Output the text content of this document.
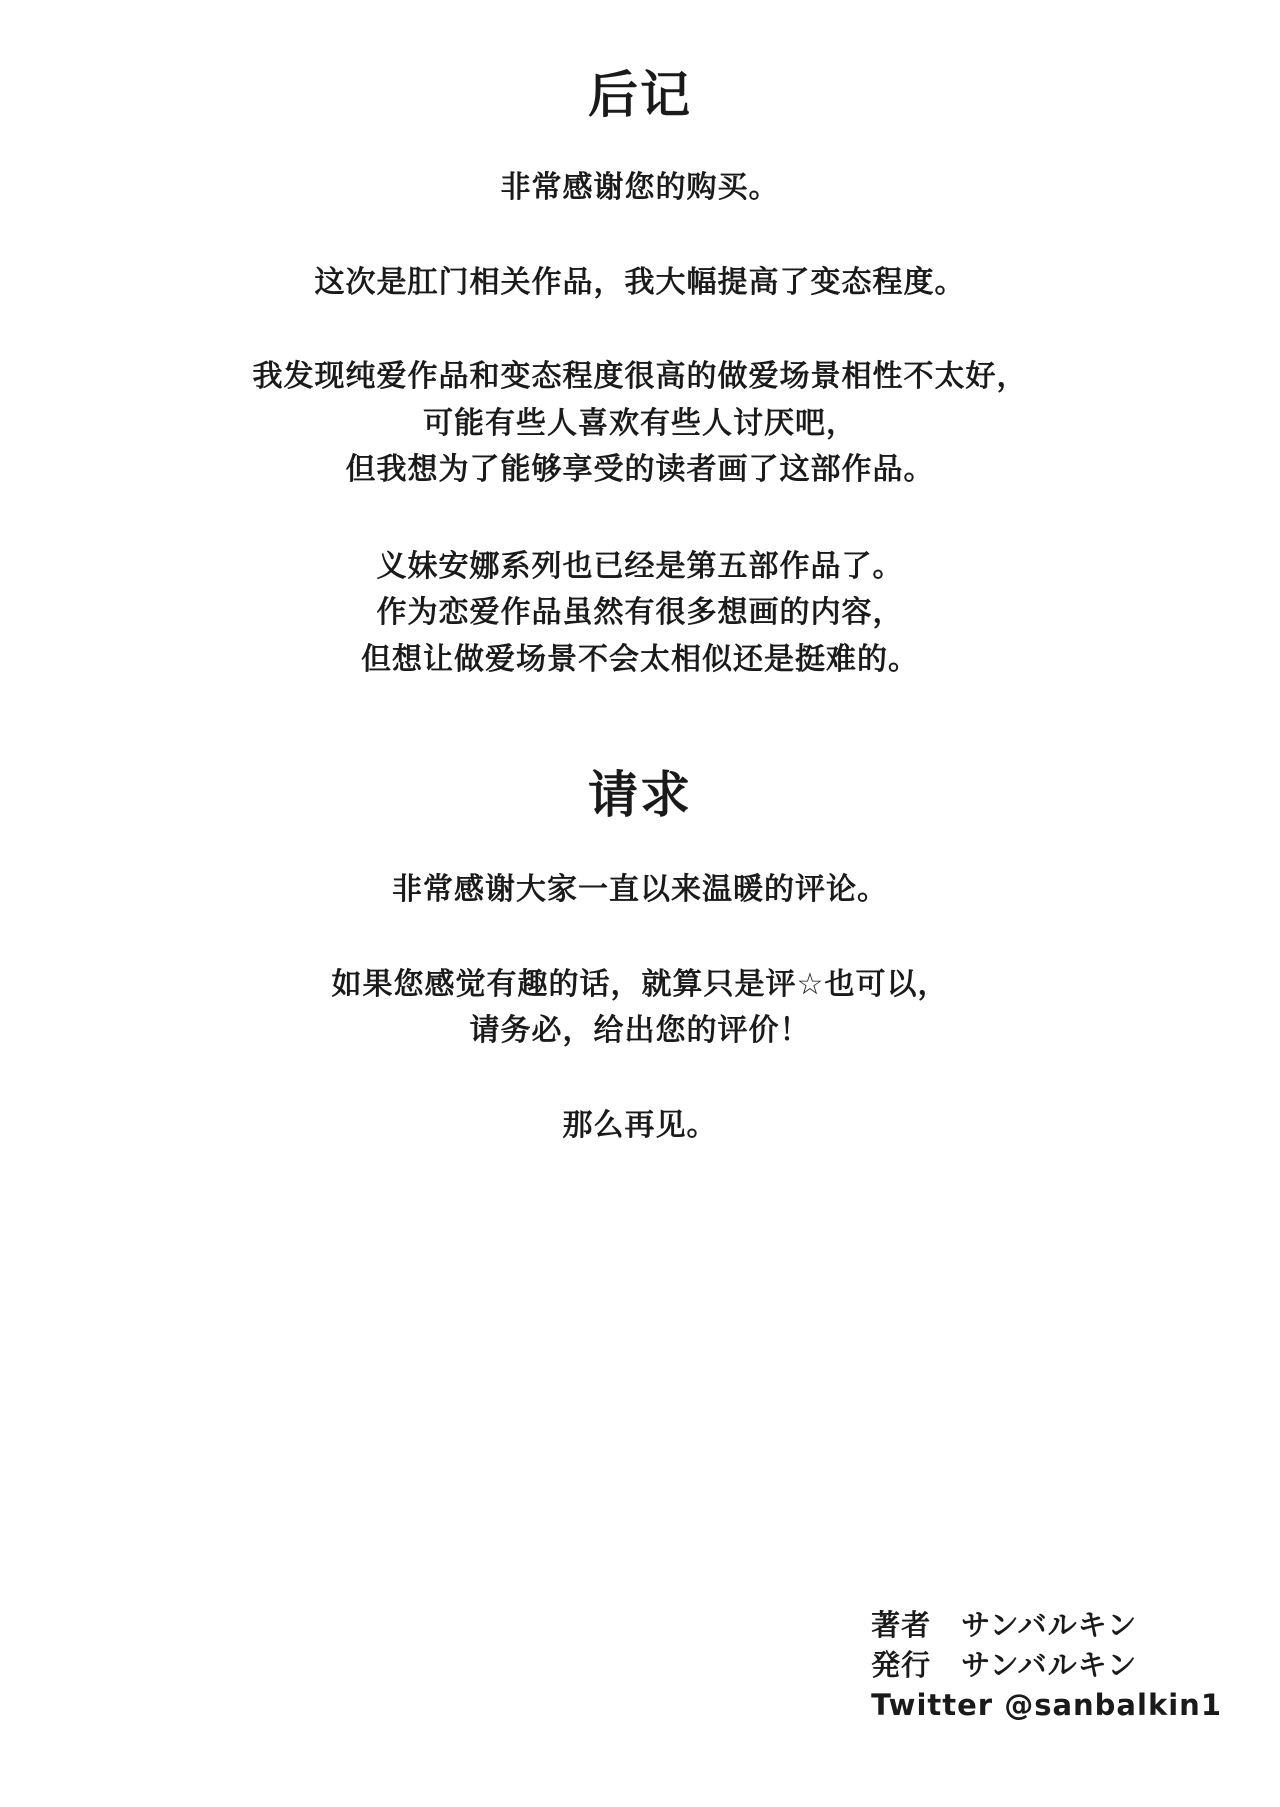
后记

非常感谢您的购买。

这次是肛门相关作品，我大幅提高了变态程度。

我发现纯爱作品和变态程度很高的做爱场景相性不太好，
可能有些人喜欢有些人讨厌吧，
但我想为了能够享受的读者画了这部作品。

义妹安娜系列也已经是第五部作品了。
作为恋爱作品虽然有很多想画的内容，
但想让做爱场景不会太相似还是挺难的。

请求

非常感谢大家一直以来温暖的评论。

如果您感觉有趣的话，就算只是评☆也可以，
请务必，给出您的评价！

那么再见。

著者　サンバルキン
発行　サンバルキン
Twitter @sanbalkin1
